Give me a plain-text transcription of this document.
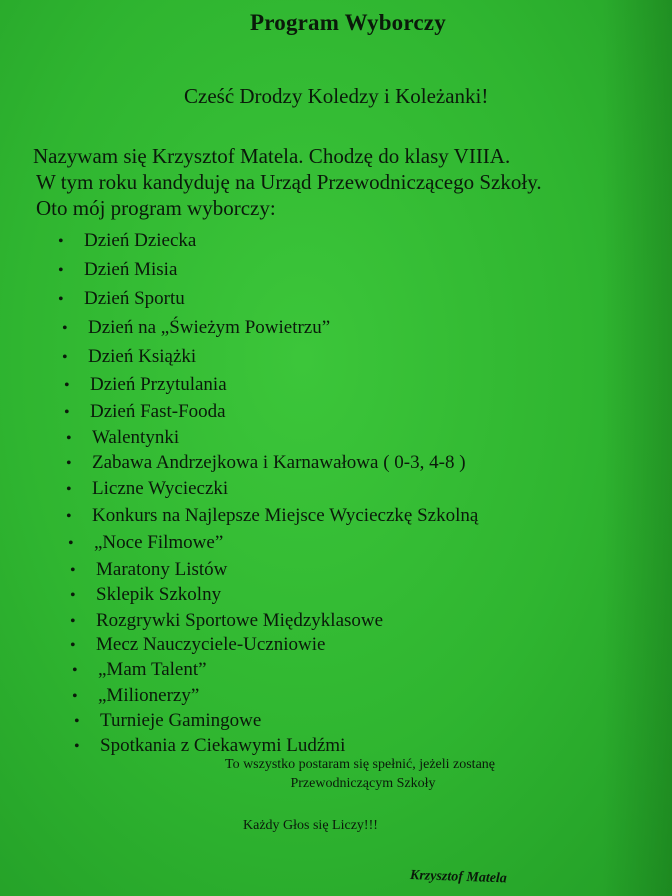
Program Wyborczy
Cześć Drodzy Koledzy i Koleżanki!
Nazywam się Krzysztof Matela. Chodzę do klasy VIIIA.
W tym roku kandyduję na Urząd Przewodniczącego Szkoły.
Oto mój program wyborczy:
•	Dzień Dziecka
•	Dzień Misia
•	Dzień Sportu
•	Dzień na „Świeżym Powietrzu”
•	Dzień Książki
•	Dzień Przytulania
•	Dzień Fast-Fooda
•	Walentynki
•	Zabawa Andrzejkowa i Karnawałowa ( 0-3, 4-8 )
•	Liczne Wycieczki
•	Konkurs na Najlepsze Miejsce Wycieczkę Szkolną
•	„Noce Filmowe”
•	Maratony Listów
•	Sklepik Szkolny
•	Rozgrywki Sportowe Międzyklasowe
•	Mecz Nauczyciele-Uczniowie
•	„Mam Talent”
•	„Milionerzy”
•	Turnieje Gamingowe
•	Spotkania z Ciekawymi Ludźmi
To wszystko postaram się spełnić, jeżeli zostanę
Przewodniczącym Szkoły
Każdy Głos się Liczy!!!
Krzysztof Matela
